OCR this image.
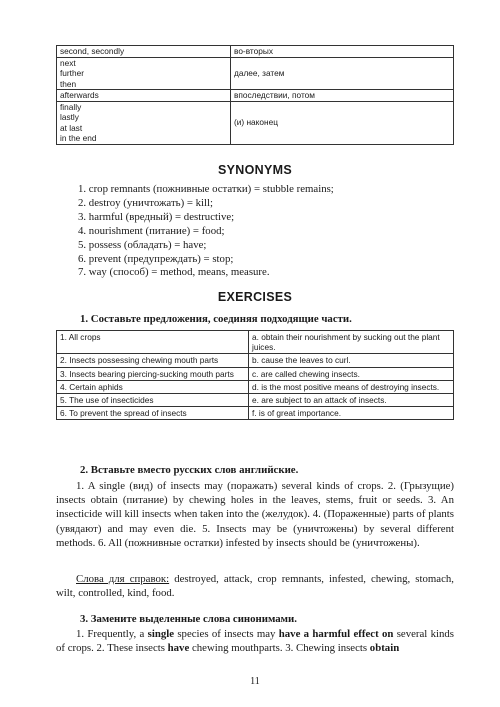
second, secondly	во-вторых

next
further
then	далее, затем

afterwards	впоследствии, потом

finally
lastly
at last
in the end	(и) наконец
SYNONYMS
1. crop remnants (пожнивные остатки) = stubble remains;
2. destroy (уничтожать) = kill;
3. harmful (вредный) = destructive;
4. nourishment (питание) = food;
5. possess (обладать) = have;
6. prevent (предупреждать) = stop;
7. way (способ) = method, means, measure.
EXERCISES
1. Составьте предложения, соединяя подходящие части.
1. All crops	a. obtain their nourishment by sucking out the plant juices.
2. Insects possessing chewing mouth parts	b. cause the leaves to curl.
3. Insects bearing piercing-sucking mouth parts	c. are called chewing insects.
4. Certain aphids	d. is the most positive means of destroying insects.
5. The use of insecticides	e. are subject to an attack of insects.
6. To prevent the spread of insects	f. is of great importance.
2. Вставьте вместо русских слов английские.

1. A single (вид) of insects may (поражать) several kinds of crops. 2. (Грызущие) insects obtain (питание) by chewing holes in the leaves, stems, fruit or seeds. 3. An insecticide will kill insects when taken into the (желудок). 4. (Пораженные) parts of plants (увядают) and may even die. 5. Insects may be (уничтожены) by several different methods. 6. All (пожнивные остатки) infested by insects should be (уничтожены).

Слова для справок: destroyed, attack, crop remnants, infested, chewing, stomach, wilt, controlled, kind, food.

3. Замените выделенные слова синонимами.

1. Frequently, a single species of insects may have a harmful effect on several kinds of crops. 2. These insects have chewing mouthparts. 3. Chewing insects obtain

11
